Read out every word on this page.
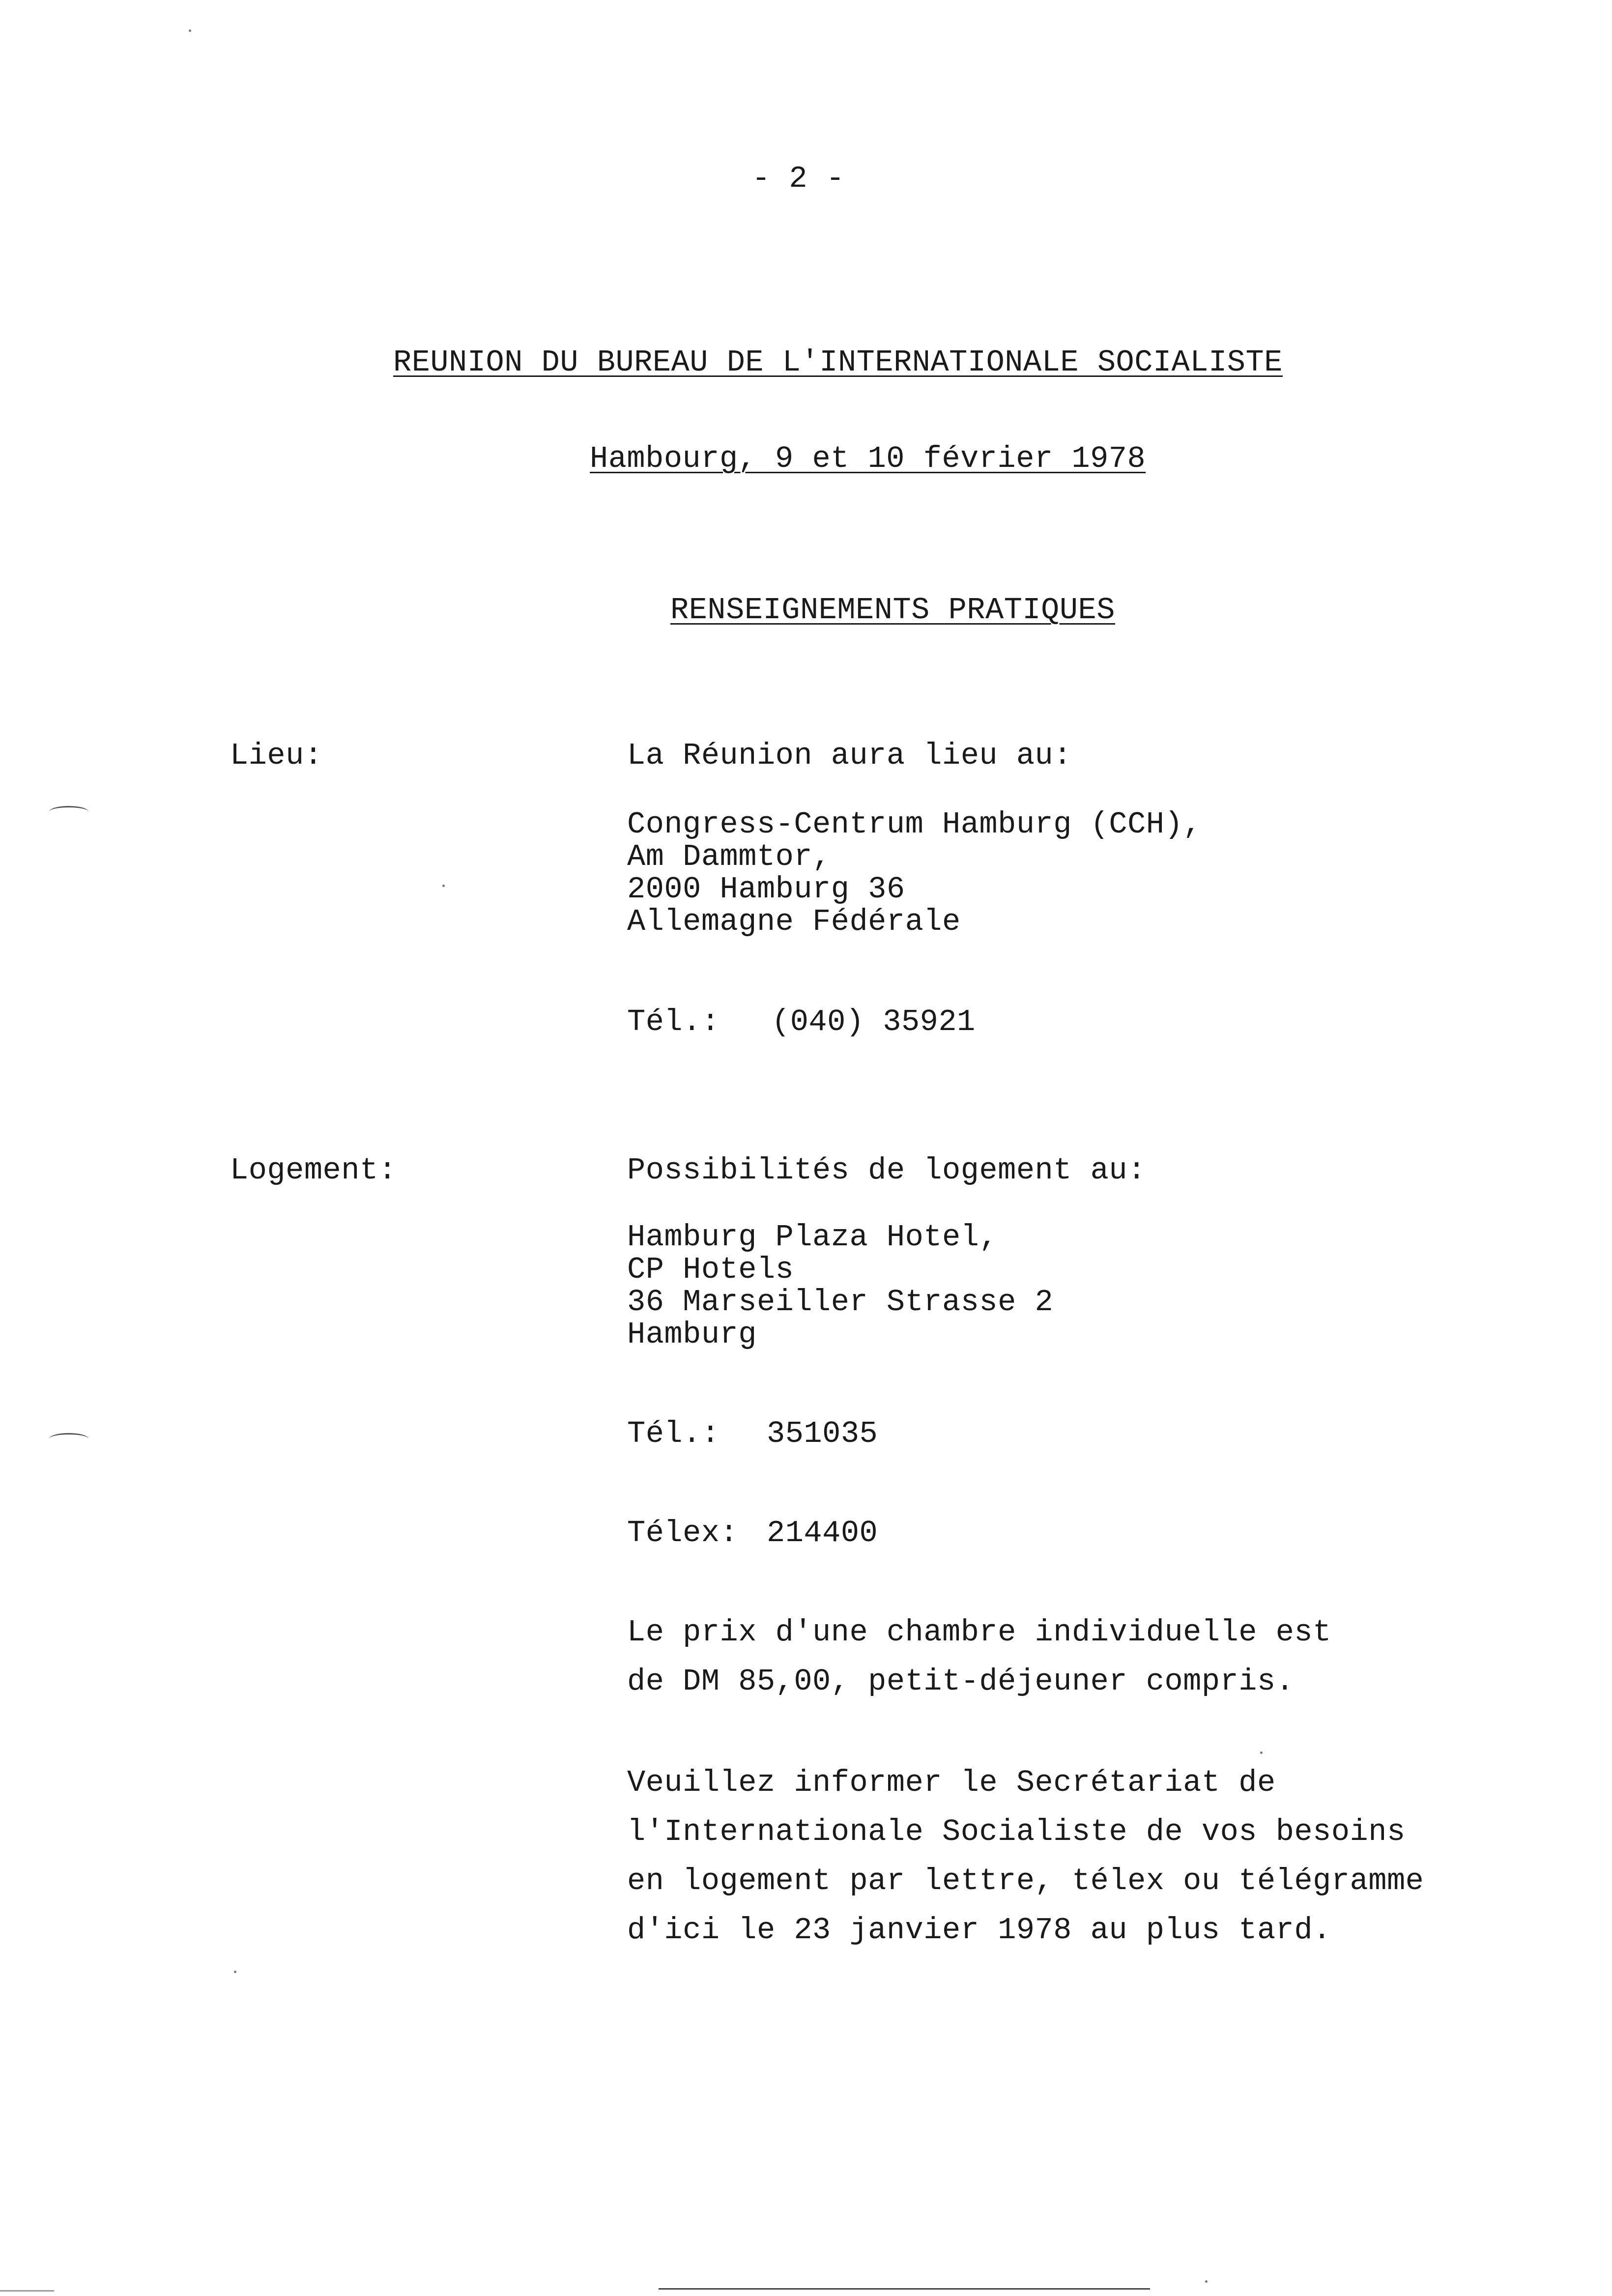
- 2 -
REUNION DU BUREAU DE L'INTERNATIONALE SOCIALISTE
Hambourg, 9 et 10 février 1978
RENSEIGNEMENTS PRATIQUES
Lieu:	La Réunion aura lieu au:
Congress-Centrum Hamburg (CCH),
Am Dammtor,
2000 Hamburg 36
Allemagne Fédérale
Tél.: (040) 35921
Logement:	Possibilités de logement au:
Hamburg Plaza Hotel,
CP Hotels
36 Marseiller Strasse 2
Hamburg
Tél.: 351035
Télex: 214400
Le prix d'une chambre individuelle est
de DM 85,00, petit-déjeuner compris.
Veuillez informer le Secrétariat de
l'Internationale Socialiste de vos besoins
en logement par lettre, télex ou télégramme
d'ici le 23 janvier 1978 au plus tard.
